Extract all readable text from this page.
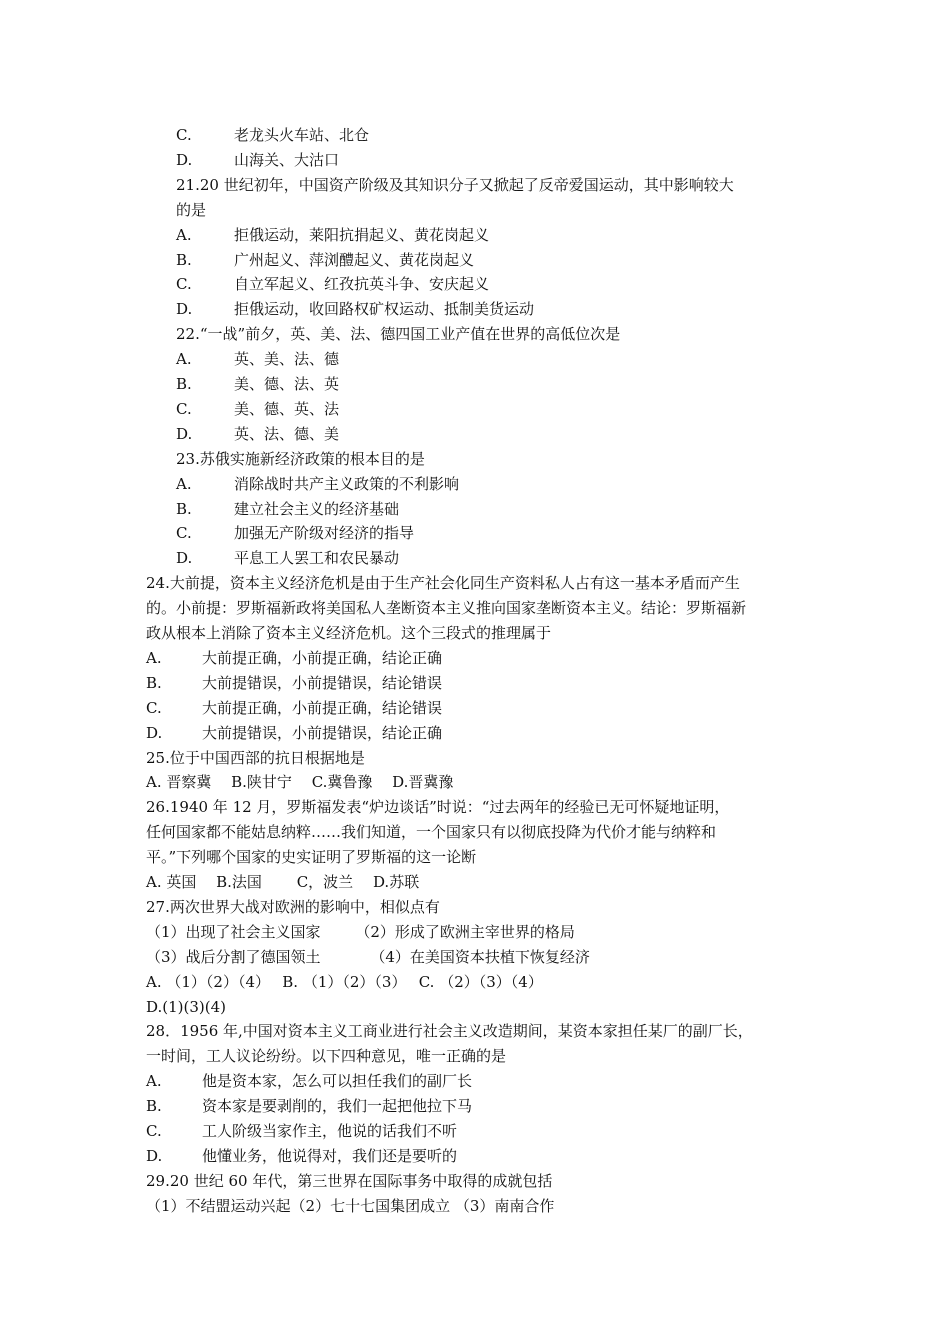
C.	老龙头火车站、北仓
D.	山海关、大沽口
21.20 世纪初年，中国资产阶级及其知识分子又掀起了反帝爱国运动，其中影响较大
的是
A.	拒俄运动，莱阳抗捐起义、黄花岗起义
B.	广州起义、萍浏醴起义、黄花岗起义
C.	自立军起义、红孜抗英斗争、安庆起义
D.	拒俄运动，收回路权矿权运动、抵制美货运动
22.“一战”前夕，英、美、法、德四国工业产值在世界的高低位次是
A.	英、美、法、德
B.	美、德、法、英
C.	美、德、英、法
D.	英、法、德、美
23.苏俄实施新经济政策的根本目的是
A.	消除战时共产主义政策的不利影响
B.	建立社会主义的经济基础
C.	加强无产阶级对经济的指导
D.	平息工人罢工和农民暴动
24.大前提，资本主义经济危机是由于生产社会化同生产资料私人占有这一基本矛盾而产生
的。小前提：罗斯福新政将美国私人垄断资本主义推向国家垄断资本主义。结论：罗斯福新
政从根本上消除了资本主义经济危机。这个三段式的推理属于
A.	大前提正确，小前提正确，结论正确
B.	大前提错误，小前提错误，结论错误
C.	大前提正确，小前提正确，结论错误
D.	大前提错误，小前提错误，结论正确
25.位于中国西部的抗日根据地是
A. 晋察冀　 B.陕甘宁　 C.冀鲁豫　 D.晋冀豫
26.1940 年 12 月，罗斯福发表“炉边谈话”时说：“过去两年的经验已无可怀疑地证明，
任何国家都不能姑息纳粹……我们知道，一个国家只有以彻底投降为代价才能与纳粹和
平。”下列哪个国家的史实证明了罗斯福的这一论断
A. 英国　 B.法国　　 C，波兰　 D.苏联
27.两次世界大战对欧洲的影响中，相似点有
（1）出现了社会主义国家　　 （2）形成了欧洲主宰世界的格局
（3）战后分割了德国领土　　　 （4）在美国资本扶植下恢复经济
A. （1）（2）（4）　 B. （1）（2）（3）　 C. （2）（3）（4）
D.(1)(3)(4)
28．1956 年,中国对资本主义工商业进行社会主义改造期间，某资本家担任某厂的副厂长，
一时间，工人议论纷纷。以下四种意见，唯一正确的是
A.	他是资本家，怎么可以担任我们的副厂长
B.	资本家是要剥削的，我们一起把他拉下马
C.	工人阶级当家作主，他说的话我们不听
D.	他懂业务，他说得对，我们还是要听的
29.20 世纪 60 年代，第三世界在国际事务中取得的成就包括
（1）不结盟运动兴起（2）七十七国集团成立 （3）南南合作
